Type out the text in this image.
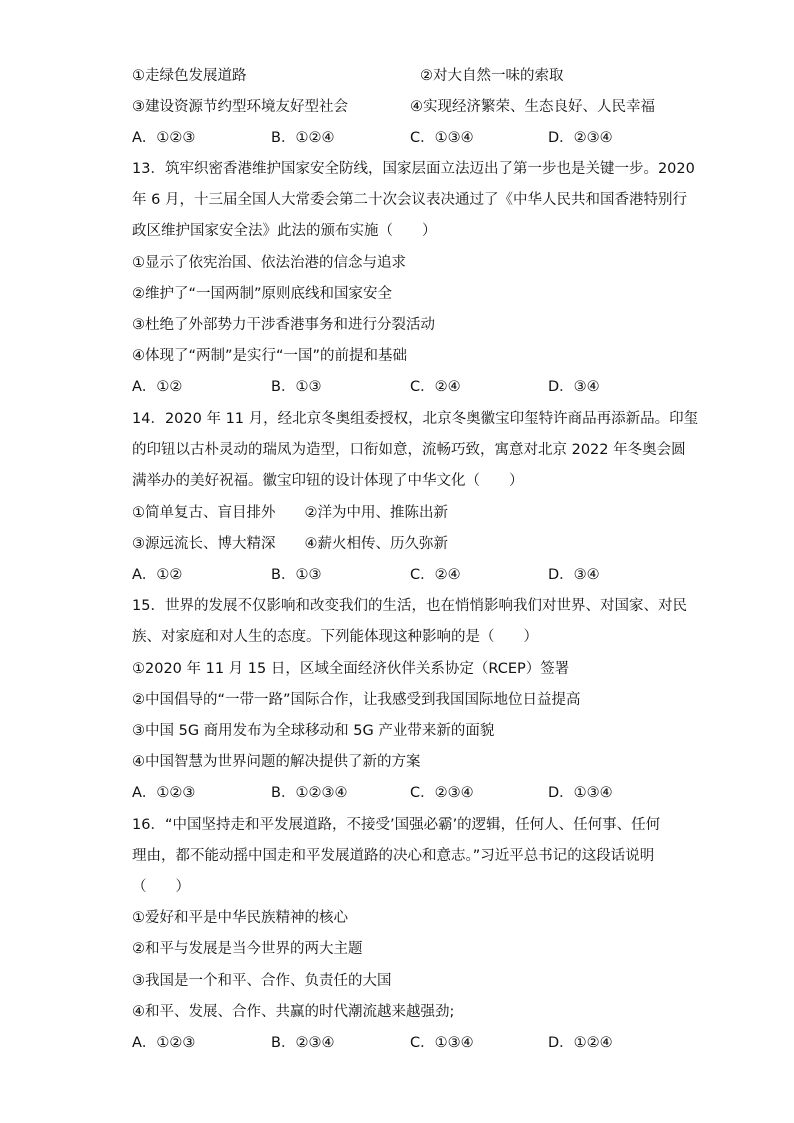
①走绿色发展道路	②对大自然一味的索取
③建设资源节约型环境友好型社会	④实现经济繁荣、生态良好、人民幸福
A．①②③	B．①②④	C．①③④	D．②③④
13．筑牢织密香港维护国家安全防线，国家层面立法迈出了第一步也是关键一步。2020
年 6 月，十三届全国人大常委会第二十次会议表决通过了《中华人民共和国香港特别行
政区维护国家安全法》此法的颁布实施（　　）
①显示了依宪治国、依法治港的信念与追求
②维护了“一国两制”原则底线和国家安全
③杜绝了外部势力干涉香港事务和进行分裂活动
④体现了“两制”是实行“一国”的前提和基础
A．①②	B．①③	C．②④	D．③④
14．2020 年 11 月，经北京冬奥组委授权，北京冬奥徽宝印玺特许商品再添新品。印玺
的印钮以古朴灵动的瑞凤为造型，口衔如意，流畅巧致，寓意对北京 2022 年冬奥会圆
满举办的美好祝福。徽宝印钮的设计体现了中华文化（　　）
①简单复古、盲目排外　　②洋为中用、推陈出新
③源远流长、博大精深　　④薪火相传、历久弥新
A．①②	B．①③	C．②④	D．③④
15．世界的发展不仅影响和改变我们的生活，也在悄悄影响我们对世界、对国家、对民
族、对家庭和对人生的态度。下列能体现这种影响的是（　　）
①2020 年 11 月 15 日，区域全面经济伙伴关系协定（RCEP）签署
②中国倡导的“一带一路”国际合作，让我感受到我国国际地位日益提高
③中国 5G 商用发布为全球移动和 5G 产业带来新的面貌
④中国智慧为世界问题的解决提供了新的方案
A．①②③	B．①②③④	C．②③④	D．①③④
16．“中国坚持走和平发展道路，不接受’国强必霸’的逻辑，任何人、任何事、任何
理由，都不能动摇中国走和平发展道路的决心和意志。”习近平总书记的这段话说明
（　　）
①爱好和平是中华民族精神的核心
②和平与发展是当今世界的两大主题
③我国是一个和平、合作、负责任的大国
④和平、发展、合作、共赢的时代潮流越来越强劲;
A．①②③	B．②③④	C．①③④	D．①②④
